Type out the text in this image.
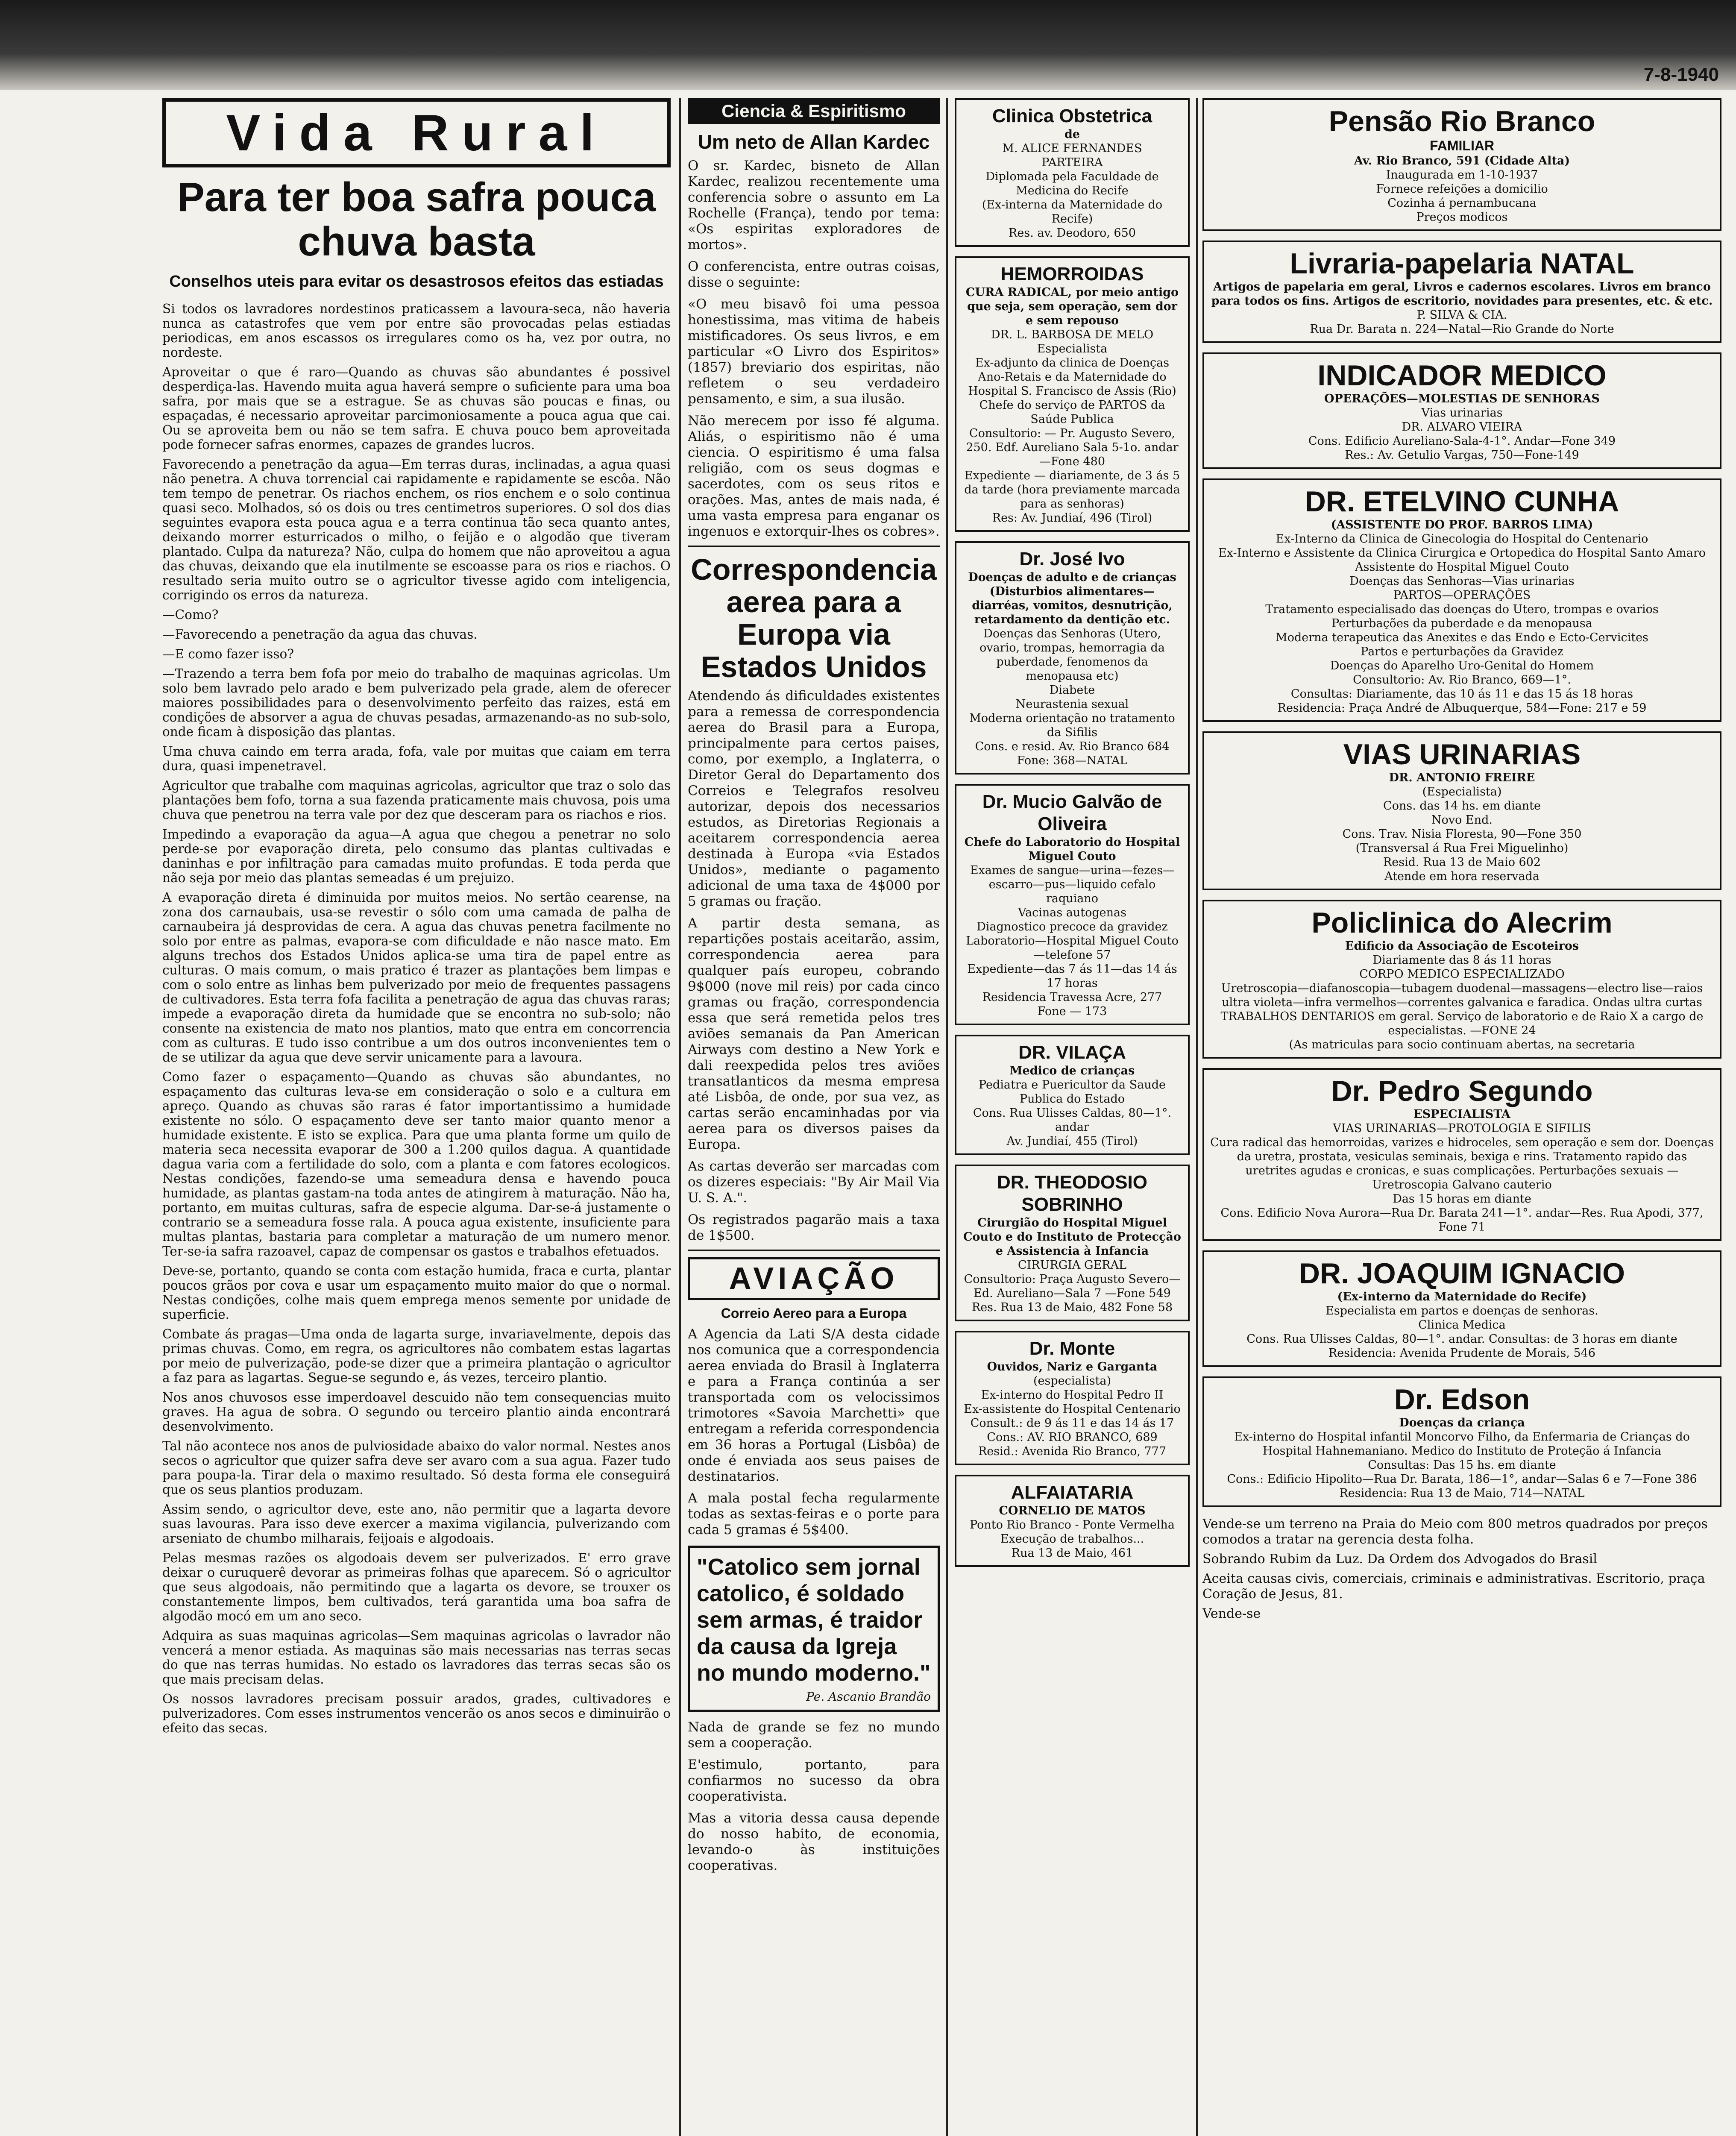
7-8-1940
Vida Rural
Para ter boa safra pouca chuva basta
Conselhos uteis para evitar os desastrosos efeitos das estiadas

Si todos os lavradores nordestinos praticassem a lavoura-seca, não haveria nunca as catastrofes que vem por entre são provocadas pelas estiadas periodicas, em anos escassos os irregulares como os ha, vez por outra, no nordeste.

Aproveitar o que é raro—Quando as chuvas são abundantes é possivel desperdiça-las. Havendo muita agua haverá sempre o suficiente para uma boa safra, por mais que se a estrague. Se as chuvas são poucas e finas, ou espaçadas, é necessario aproveitar parcimoniosamente a pouca agua que cai. Ou se aproveita bem ou não se tem safra. E chuva pouco bem aproveitada pode fornecer safras enormes, capazes de grandes lucros.

Favorecendo a penetração da agua—Em terras duras, inclinadas, a agua quasi não penetra. A chuva torrencial cai rapidamente e rapidamente se escôa. Não tem tempo de penetrar. Os riachos enchem, os rios enchem e o solo continua quasi seco. Molhados, só os dois ou tres centimetros superiores. O sol dos dias seguintes evapora esta pouca agua e a terra continua tão seca quanto antes, deixando morrer esturricados o milho, o feijão e o algodão que tiveram plantado. Culpa da natureza? Não, culpa do homem que não aproveitou a agua das chuvas, deixando que ela inutilmente se escoasse para os rios e riachos. O resultado seria muito outro se o agricultor tivesse agido com inteligencia, corrigindo os erros da natureza.

—Como?

—Favorecendo a penetração da agua das chuvas.

—E como fazer isso?

—Trazendo a terra bem fofa por meio do trabalho de maquinas agricolas. Um solo bem lavrado pelo arado e bem pulverizado pela grade, alem de oferecer maiores possibilidades para o desenvolvimento perfeito das raizes, está em condições de absorver a agua de chuvas pesadas, armazenando-as no sub-solo, onde ficam à disposição das plantas.

Uma chuva caindo em terra arada, fofa, vale por muitas que caiam em terra dura, quasi impenetravel.

Agricultor que trabalhe com maquinas agricolas, agricultor que traz o solo das plantações bem fofo, torna a sua fazenda praticamente mais chuvosa, pois uma chuva que penetrou na terra vale por dez que desceram para os riachos e rios.

Impedindo a evaporação da agua—A agua que chegou a penetrar no solo perde-se por evaporação direta, pelo consumo das plantas cultivadas e daninhas e por infiltração para camadas muito profundas. E toda perda que não seja por meio das plantas semeadas é um prejuizo.

A evaporação direta é diminuida por muitos meios. No sertão cearense, na zona dos carnaubais, usa-se revestir o sólo com uma camada de palha de carnaubeira já desprovidas de cera. A agua das chuvas penetra facilmente no solo por entre as palmas, evapora-se com dificuldade e não nasce mato. Em alguns trechos dos Estados Unidos aplica-se uma tira de papel entre as culturas. O mais comum, o mais pratico é trazer as plantações bem limpas e com o solo entre as linhas bem pulverizado por meio de frequentes passagens de cultivadores. Esta terra fofa facilita a penetração de agua das chuvas raras; impede a evaporação direta da humidade que se encontra no sub-solo; não consente na existencia de mato nos plantios, mato que entra em concorrencia com as culturas. E tudo isso contribue a um dos outros inconvenientes tem o de se utilizar da agua que deve servir unicamente para a lavoura.

Como fazer o espaçamento—Quando as chuvas são abundantes, no espaçamento das culturas leva-se em consideração o solo e a cultura em apreço. Quando as chuvas são raras é fator importantissimo a humidade existente no sólo. O espaçamento deve ser tanto maior quanto menor a humidade existente. E isto se explica. Para que uma planta forme um quilo de materia seca necessita evaporar de 300 a 1.200 quilos dagua. A quantidade dagua varia com a fertilidade do solo, com a planta e com fatores ecologicos. Nestas condições, fazendo-se uma semeadura densa e havendo pouca humidade, as plantas gastam-na toda antes de atingirem à maturação. Não ha, portanto, em muitas culturas, safra de especie alguma. Dar-se-á justamente o contrario se a semeadura fosse rala. A pouca agua existente, insuficiente para multas plantas, bastaria para completar a maturação de um numero menor. Ter-se-ia safra razoavel, capaz de compensar os gastos e trabalhos efetuados.

Deve-se, portanto, quando se conta com estação humida, fraca e curta, plantar poucos grãos por cova e usar um espaçamento muito maior do que o normal. Nestas condições, colhe mais quem emprega menos semente por unidade de superficie.

Combate ás pragas—Uma onda de lagarta surge, invariavelmente, depois das primas chuvas. Como, em regra, os agricultores não combatem estas lagartas por meio de pulverização, pode-se dizer que a primeira plantação o agricultor a faz para as lagartas. Segue-se segundo e, ás vezes, terceiro plantio.

Nos anos chuvosos esse imperdoavel descuido não tem consequencias muito graves. Ha agua de sobra. O segundo ou terceiro plantio ainda encontrará desenvolvimento.

Tal não acontece nos anos de pulviosidade abaixo do valor normal. Nestes anos secos o agricultor que quizer safra deve ser avaro com a sua agua. Fazer tudo para poupa-la. Tirar dela o maximo resultado. Só desta forma ele conseguirá que os seus plantios produzam.

Assim sendo, o agricultor deve, este ano, não permitir que a lagarta devore suas lavouras. Para isso deve exercer a maxima vigilancia, pulverizando com arseniato de chumbo milharais, feijoais e algodoais.

Pelas mesmas razões os algodoais devem ser pulverizados. E' erro grave deixar o curuquerê devorar as primeiras folhas que aparecem. Só o agricultor que seus algodoais, não permitindo que a lagarta os devore, se trouxer os constantemente limpos, bem cultivados, terá garantida uma boa safra de algodão mocó em um ano seco.

Adquira as suas maquinas agricolas—Sem maquinas agricolas o lavrador não vencerá a menor estiada. As maquinas são mais necessarias nas terras secas do que nas terras humidas. No estado os lavradores das terras secas são os que mais precisam delas.

Os nossos lavradores precisam possuir arados, grades, cultivadores e pulverizadores. Com esses instrumentos vencerão os anos secos e diminuirão o efeito das secas.

Ciencia & Espiritismo
Um neto de Allan Kardec

O sr. Kardec, bisneto de Allan Kardec, realizou recentemente uma conferencia sobre o assunto em La Rochelle (França), tendo por tema: «Os espiritas exploradores de mortos».

O conferencista, entre outras coisas, disse o seguinte:

«O meu bisavô foi uma pessoa honestissima, mas vitima de habeis mistificadores. Os seus livros, e em particular «O Livro dos Espiritos» (1857) breviario dos espiritas, não refletem o seu verdadeiro pensamento, e sim, a sua ilusão.

Não merecem por isso fé alguma. Aliás, o espiritismo não é uma ciencia. O espiritismo é uma falsa religião, com os seus dogmas e sacerdotes, com os seus ritos e orações. Mas, antes de mais nada, é uma vasta empresa para enganar os ingenuos e extorquir-lhes os cobres».

Correspondencia aerea para a Europa via Estados Unidos

Atendendo ás dificuldades existentes para a remessa de correspondencia aerea do Brasil para a Europa, principalmente para certos paises, como, por exemplo, a Inglaterra, o Diretor Geral do Departamento dos Correios e Telegrafos resolveu autorizar, depois dos necessarios estudos, as Diretorias Regionais a aceitarem correspondencia aerea destinada à Europa «via Estados Unidos», mediante o pagamento adicional de uma taxa de 4$000 por 5 gramas ou fração.

A partir desta semana, as repartições postais aceitarão, assim, correspondencia aerea para qualquer país europeu, cobrando 9$000 (nove mil reis) por cada cinco gramas ou fração, correspondencia essa que será remetida pelos tres aviões semanais da Pan American Airways com destino a New York e dali reexpedida pelos tres aviões transatlanticos da mesma empresa até Lisbôa, de onde, por sua vez, as cartas serão encaminhadas por via aerea para os diversos paises da Europa.

As cartas deverão ser marcadas com os dizeres especiais: "By Air Mail Via U. S. A.".

Os registrados pagarão mais a taxa de 1$500.

AVIAÇÃO
Correio Aereo para a Europa

A Agencia da Lati S/A desta cidade nos comunica que a correspondencia aerea enviada do Brasil à Inglaterra e para a França continúa a ser transportada com os velocissimos trimotores «Savoia Marchetti» que entregam a referida correspondencia em 36 horas a Portugal (Lisbôa) de onde é enviada aos seus paises de destinatarios.

A mala postal fecha regularmente todas as sextas-feiras e o porte para cada 5 gramas é 5$400.

"Catolico sem jornal catolico, é soldado sem armas, é traidor da causa da Igreja no mundo moderno."
Pe. Ascanio Brandão

Nada de grande se fez no mundo sem a cooperação.

E'estimulo, portanto, para confiarmos no sucesso da obra cooperativista.

Mas a vitoria dessa causa depende do nosso habito, de economia, levando-o às instituições cooperativas.

Clinica Obstetrica
de
M. ALICE FERNANDES
PARTEIRA
Diplomada pela Faculdade de Medicina do Recife
(Ex-interna da Maternidade do Recife)
Res. av. Deodoro, 650
HEMORROIDAS
CURA RADICAL, por meio antigo que seja, sem operação, sem dor e sem repouso
DR. L. BARBOSA DE MELO
Especialista
Ex-adjunto da clinica de Doenças Ano-Retais e da Maternidade do Hospital S. Francisco de Assis (Rio)
Chefe do serviço de PARTOS da Saúde Publica
Consultorio: — Pr. Augusto Severo, 250. Edf. Aureliano Sala 5-1o. andar—Fone 480
Expediente — diariamente, de 3 ás 5 da tarde (hora previamente marcada para as senhoras)
Res: Av. Jundiaí, 496 (Tirol)
Dr. José Ivo
Doenças de adulto e de crianças (Disturbios alimentares—diarréas, vomitos, desnutrição, retardamento da dentição etc.
Doenças das Senhoras (Utero, ovario, trompas, hemorragia da puberdade, fenomenos da menopausa etc)
Diabete
Neurastenia sexual
Moderna orientação no tratamento da Sifilis
Cons. e resid. Av. Rio Branco 684
Fone: 368—NATAL
Dr. Mucio Galvão de Oliveira
Chefe do Laboratorio do Hospital Miguel Couto
Exames de sangue—urina—fezes—escarro—pus—liquido cefalo raquiano
Vacinas autogenas
Diagnostico precoce da gravidez
Laboratorio—Hospital Miguel Couto—telefone 57
Expediente—das 7 ás 11—das 14 ás 17 horas
Residencia Travessa Acre, 277
Fone — 173
DR. VILAÇA
Medico de crianças
Pediatra e Puericultor da Saude Publica do Estado
Cons. Rua Ulisses Caldas, 80—1°. andar
Av. Jundiaí, 455 (Tirol)
DR. THEODOSIO SOBRINHO
Cirurgião do Hospital Miguel Couto e do Instituto de Protecção e Assistencia à Infancia
CIRURGIA GERAL
Consultorio: Praça Augusto Severo—Ed. Aureliano—Sala 7 —Fone 549
Res. Rua 13 de Maio, 482 Fone 58
Dr. Monte
Ouvidos, Nariz e Garganta
(especialista)
Ex-interno do Hospital Pedro II
Ex-assistente do Hospital Centenario
Consult.: de 9 ás 11 e das 14 ás 17
Cons.: AV. RIO BRANCO, 689
Resid.: Avenida Rio Branco, 777
ALFAIATARIA
CORNELIO DE MATOS
Ponto Rio Branco - Ponte Vermelha
Execução de trabalhos...
Rua 13 de Maio, 461
Pensão Rio Branco
FAMILIAR
Av. Rio Branco, 591 (Cidade Alta)
Inaugurada em 1-10-1937
Fornece refeições a domicilio
Cozinha á pernambucana
Preços modicos
Livraria-papelaria NATAL
Artigos de papelaria em geral, Livros e cadernos escolares. Livros em branco para todos os fins. Artigos de escritorio, novidades para presentes, etc. & etc.
P. SILVA & CIA.
Rua Dr. Barata n. 224—Natal—Rio Grande do Norte
INDICADOR MEDICO
OPERAÇÕES—MOLESTIAS DE SENHORAS
Vias urinarias
DR. ALVARO VIEIRA
Cons. Edificio Aureliano-Sala-4-1°. Andar—Fone 349
Res.: Av. Getulio Vargas, 750—Fone-149
DR. ETELVINO CUNHA
(ASSISTENTE DO PROF. BARROS LIMA)
Ex-Interno da Clinica de Ginecologia do Hospital do Centenario
Ex-Interno e Assistente da Clinica Cirurgica e Ortopedica do Hospital Santo Amaro
Assistente do Hospital Miguel Couto
Doenças das Senhoras—Vias urinarias
PARTOS—OPERAÇÕES
Tratamento especialisado das doenças do Utero, trompas e ovarios
Perturbações da puberdade e da menopausa
Moderna terapeutica das Anexites e das Endo e Ecto-Cervicites
Partos e perturbações da Gravidez
Doenças do Aparelho Uro-Genital do Homem
Consultorio: Av. Rio Branco, 669—1°.
Consultas: Diariamente, das 10 ás 11 e das 15 ás 18 horas
Residencia: Praça André de Albuquerque, 584—Fone: 217 e 59
VIAS URINARIAS
DR. ANTONIO FREIRE
(Especialista)
Cons. das 14 hs. em diante
Novo End.
Cons. Trav. Nisia Floresta, 90—Fone 350
(Transversal á Rua Frei Miguelinho)
Resid. Rua 13 de Maio 602
Atende em hora reservada
Policlinica do Alecrim
Edificio da Associação de Escoteiros
Diariamente das 8 ás 11 horas
CORPO MEDICO ESPECIALIZADO
Uretroscopia—diafanoscopia—tubagem duodenal—massagens—electro lise—raios ultra violeta—infra vermelhos—correntes galvanica e faradica. Ondas ultra curtas
TRABALHOS DENTARIOS em geral. Serviço de laboratorio e de Raio X a cargo de especialistas. —FONE 24
(As matriculas para socio continuam abertas, na secretaria
Dr. Pedro Segundo
ESPECIALISTA
VIAS URINARIAS—PROTOLOGIA E SIFILIS
Cura radical das hemorroidas, varizes e hidroceles, sem operação e sem dor. Doenças da uretra, prostata, vesiculas seminais, bexiga e rins. Tratamento rapido das uretrites agudas e cronicas, e suas complicações. Perturbações sexuais —Uretroscopia Galvano cauterio
Das 15 horas em diante
Cons. Edificio Nova Aurora—Rua Dr. Barata 241—1°. andar—Res. Rua Apodi, 377, Fone 71
DR. JOAQUIM IGNACIO
(Ex-interno da Maternidade do Recife)
Especialista em partos e doenças de senhoras.
Clinica Medica
Cons. Rua Ulisses Caldas, 80—1°. andar. Consultas: de 3 horas em diante
Residencia: Avenida Prudente de Morais, 546
Dr. Edson
Doenças da criança
Ex-interno do Hospital infantil Moncorvo Filho, da Enfermaria de Crianças do Hospital Hahnemaniano. Medico do Instituto de Proteção á Infancia
Consultas: Das 15 hs. em diante
Cons.: Edificio Hipolito—Rua Dr. Barata, 186—1°, andar—Salas 6 e 7—Fone 386
Residencia: Rua 13 de Maio, 714—NATAL
Vende-se um terreno na Praia do Meio com 800 metros quadrados por preços comodos a tratar na gerencia desta folha.
Sobrando Rubim da Luz. Da Ordem dos Advogados do Brasil
Aceita causas civis, comerciais, criminais e administrativas. Escritorio, praça Coração de Jesus, 81.
Vende-se
